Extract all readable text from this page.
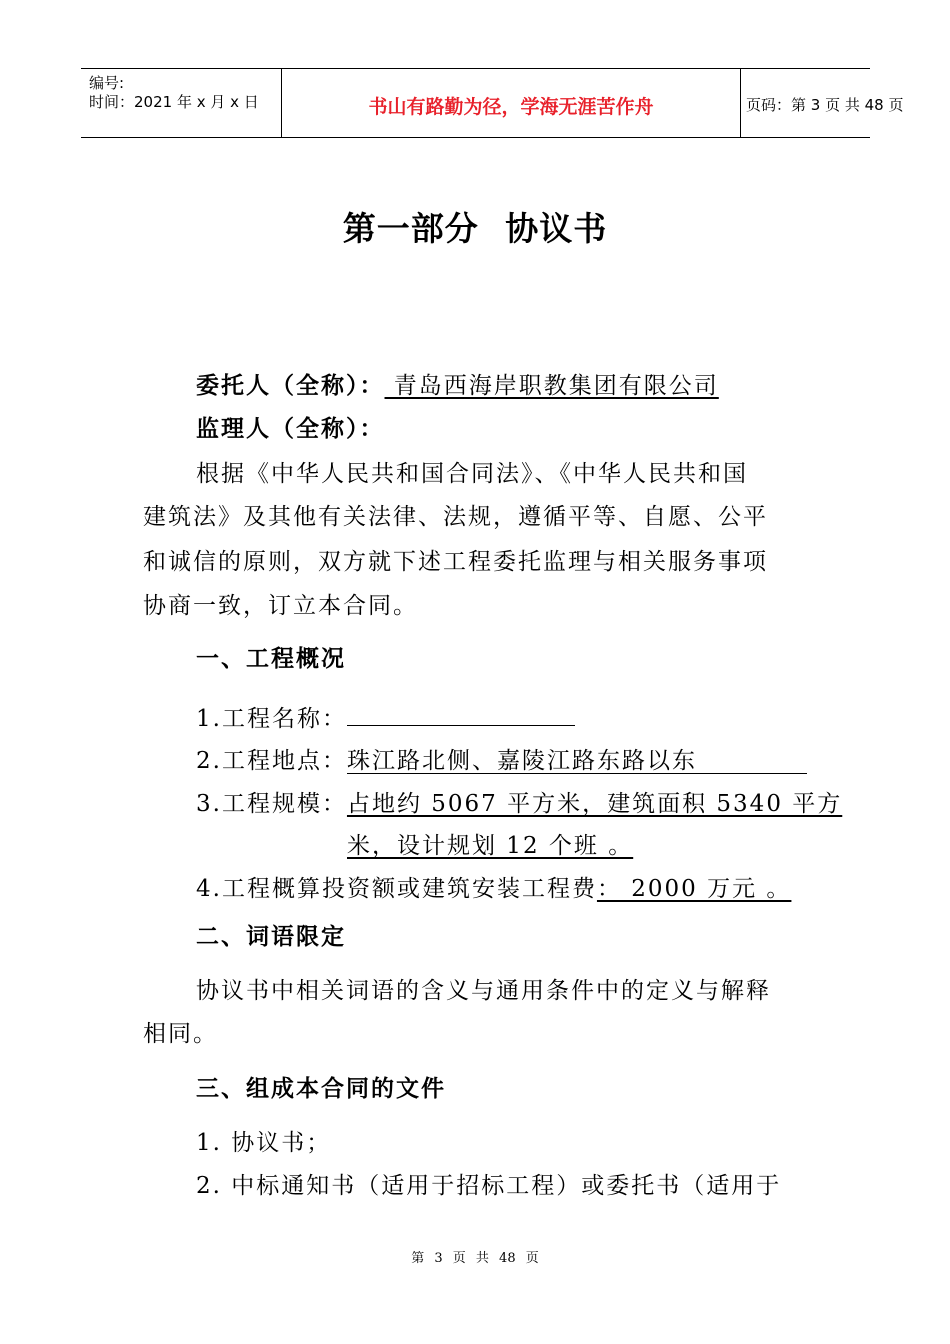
编号:
时间：2021 年 x 月 x 日	书山有路勤为径，学海无涯苦作舟	页码：第 3 页 共 48 页
第一部分 协议书
委托人（全称）： 青岛西海岸职教集团有限公司
监理人（全称）：
根据《中华人民共和国合同法》、《中华人民共和国
建筑法》及其他有关法律、法规，遵循平等、自愿、公平
和诚信的原则，双方就下述工程委托监理与相关服务事项
协商一致，订立本合同。
一、工程概况
1.工程名称：
2.工程地点：珠江路北侧、嘉陵江路东路以东
3.工程规模：占地约 5067 平方米，建筑面积 5340 平方
米，设计规划 12 个班 。
4.工程概算投资额或建筑安装工程费： 2000 万元 。
二、词语限定
协议书中相关词语的含义与通用条件中的定义与解释
相同。
三、组成本合同的文件
1. 协议书；
2. 中标通知书（适用于招标工程）或委托书（适用于
第 3 页 共 48 页
